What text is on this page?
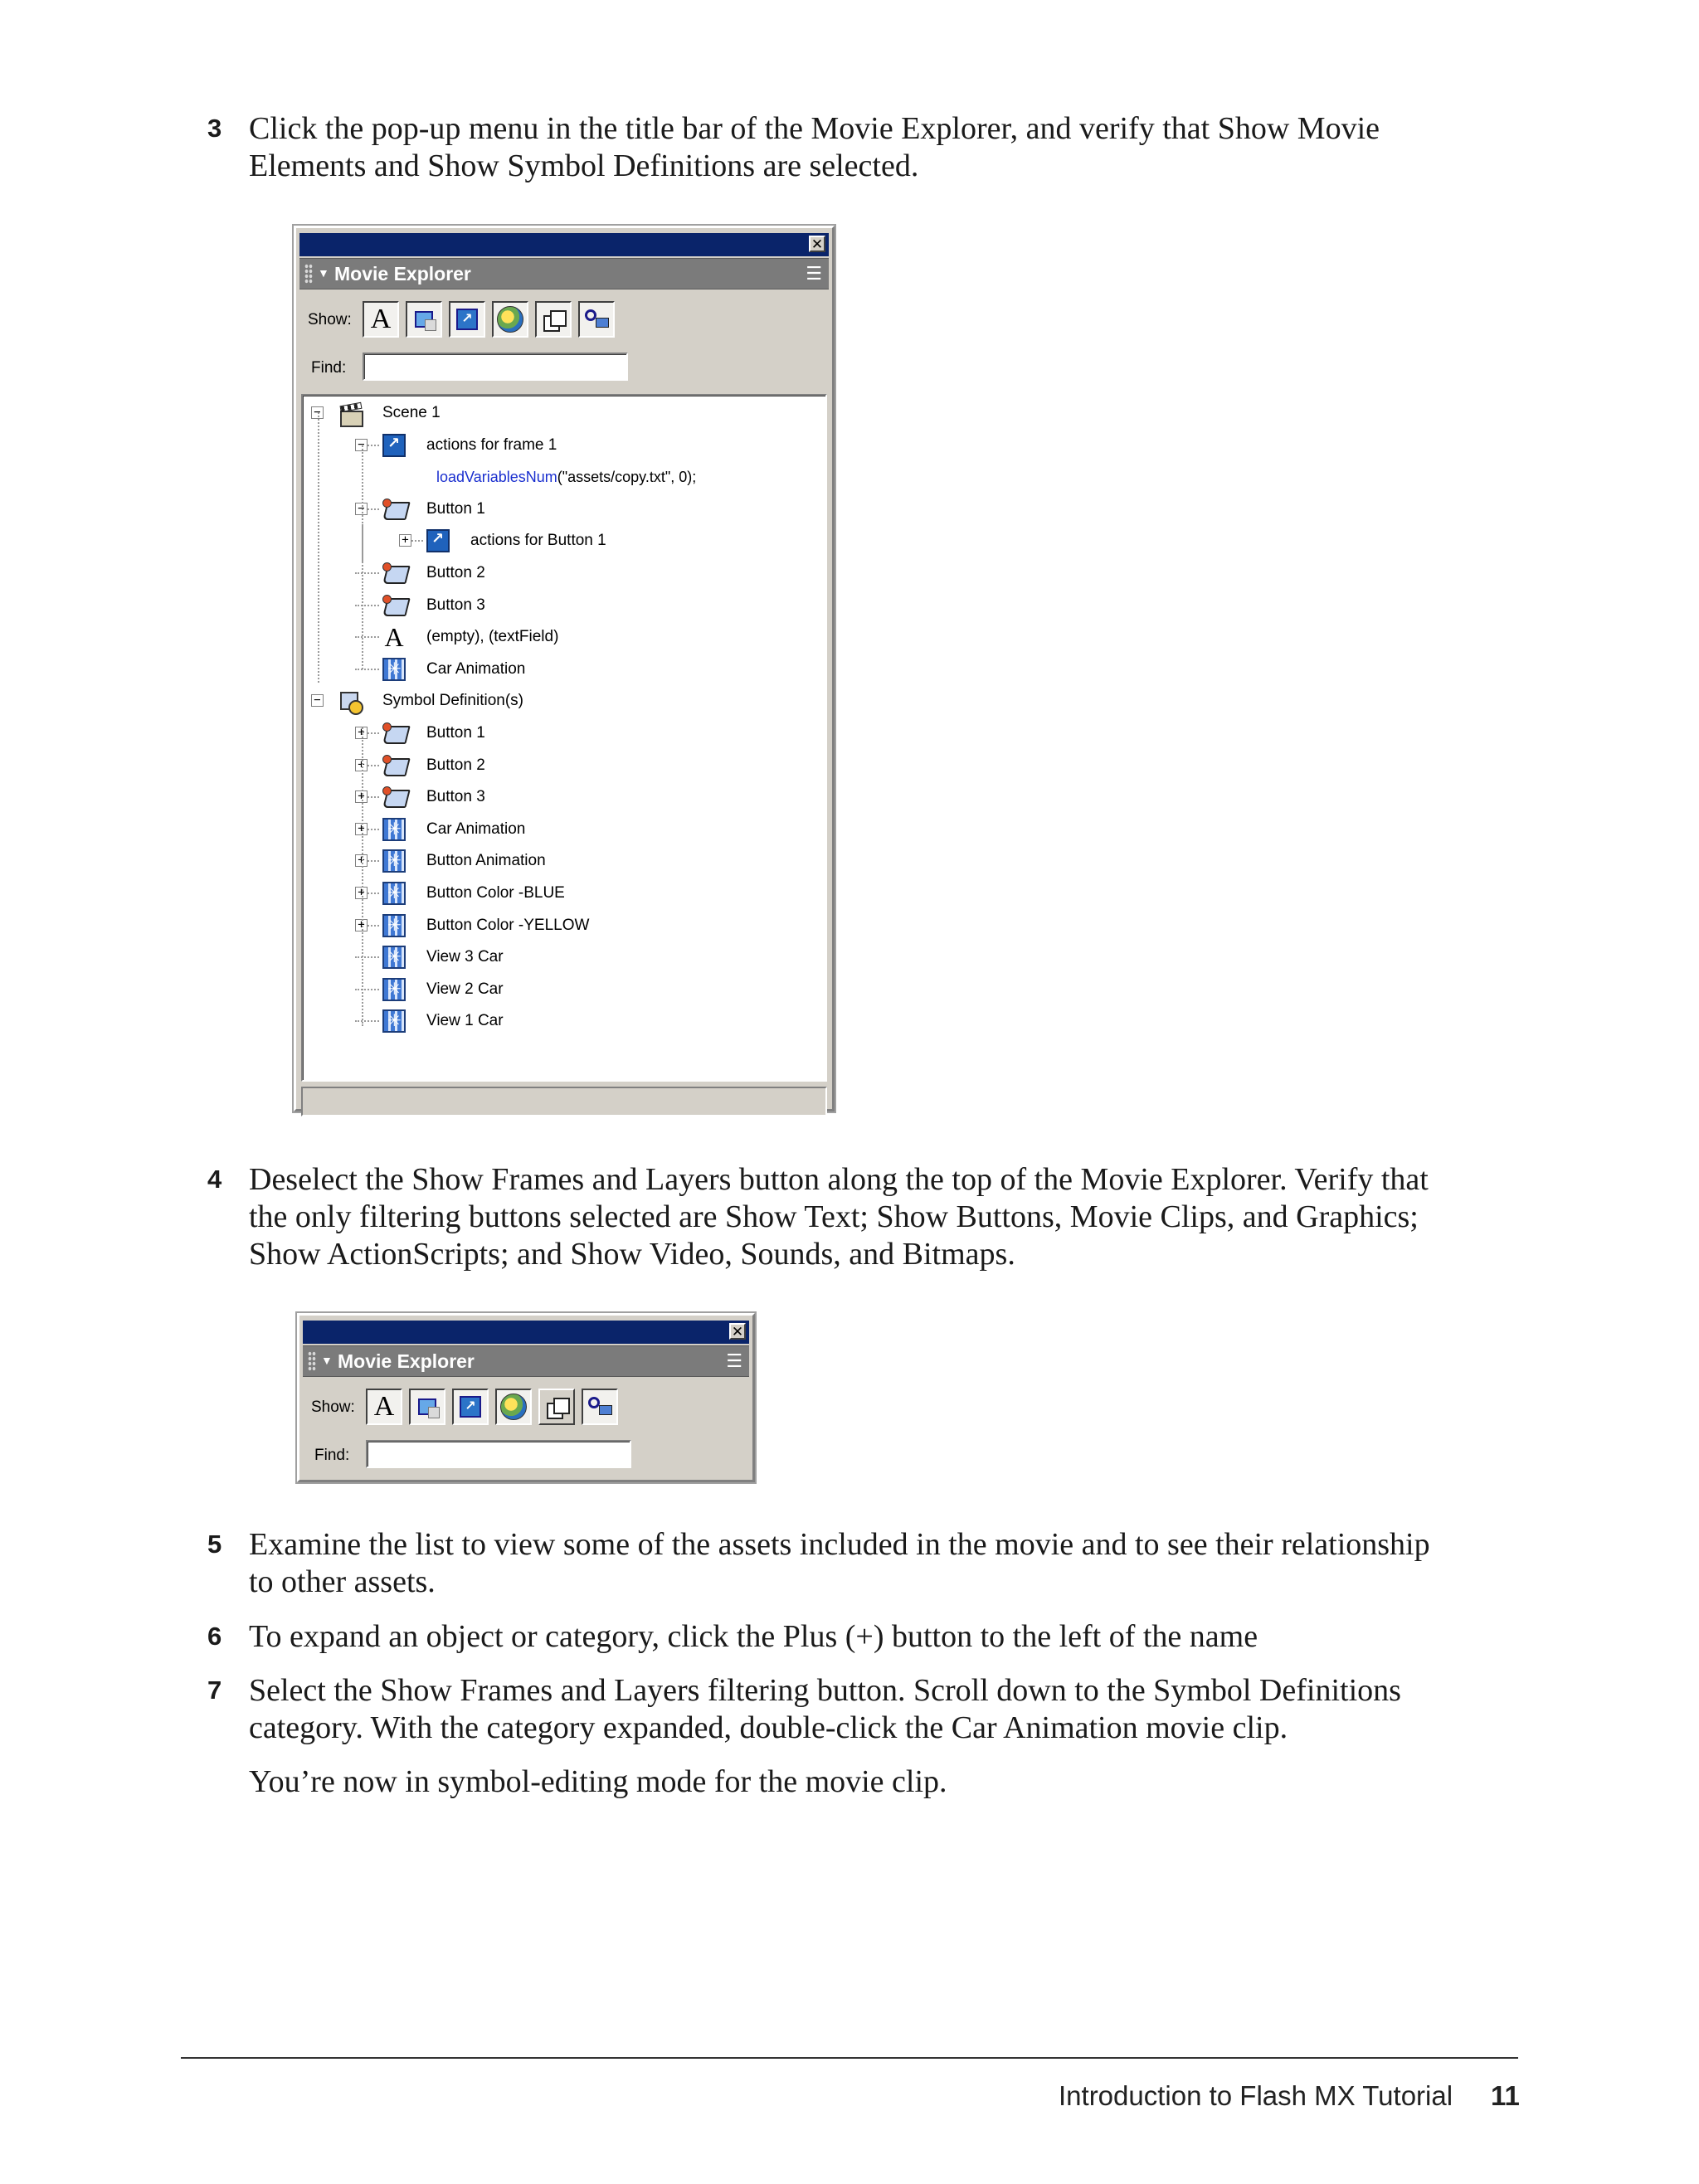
3 Click the pop-up menu in the title bar of the Movie Explorer, and verify that Show Movie
Elements and Show Symbol Definitions are selected.
✕
▼ Movie Explorer	☰
Show: A	↗
Find:
−	Scene 1
− ↗	actions for frame 1
loadVariablesNum("assets/copy.txt", 0);
−	Button 1
+ ↗	actions for Button 1
Button 2
Button 3
A (empty), (textField)
✳
Car Animation
−	Symbol Definition(s)
+	Button 1
+	Button 2
+	Button 3
+ ✳	Car Animation
+ ✳	Button Animation
+ ✳	Button Color -BLUE
+ ✳	Button Color -YELLOW
✳
View 3 Car
✳
View 2 Car
✳
View 1 Car
4 Deselect the Show Frames and Layers button along the top of the Movie Explorer. Verify that
the only filtering buttons selected are Show Text; Show Buttons, Movie Clips, and Graphics;
Show ActionScripts; and Show Video, Sounds, and Bitmaps.
✕
▼ Movie Explorer	☰
Show: A	↗
Find:
5 Examine the list to view some of the assets included in the movie and to see their relationship
to other assets.
6 To expand an object or category, click the Plus (+) button to the left of the name
7 Select the Show Frames and Layers filtering button. Scroll down to the Symbol Definitions
category. With the category expanded, double-click the Car Animation movie clip.
You’re now in symbol-editing mode for the movie clip.
Introduction to Flash MX Tutorial 11
